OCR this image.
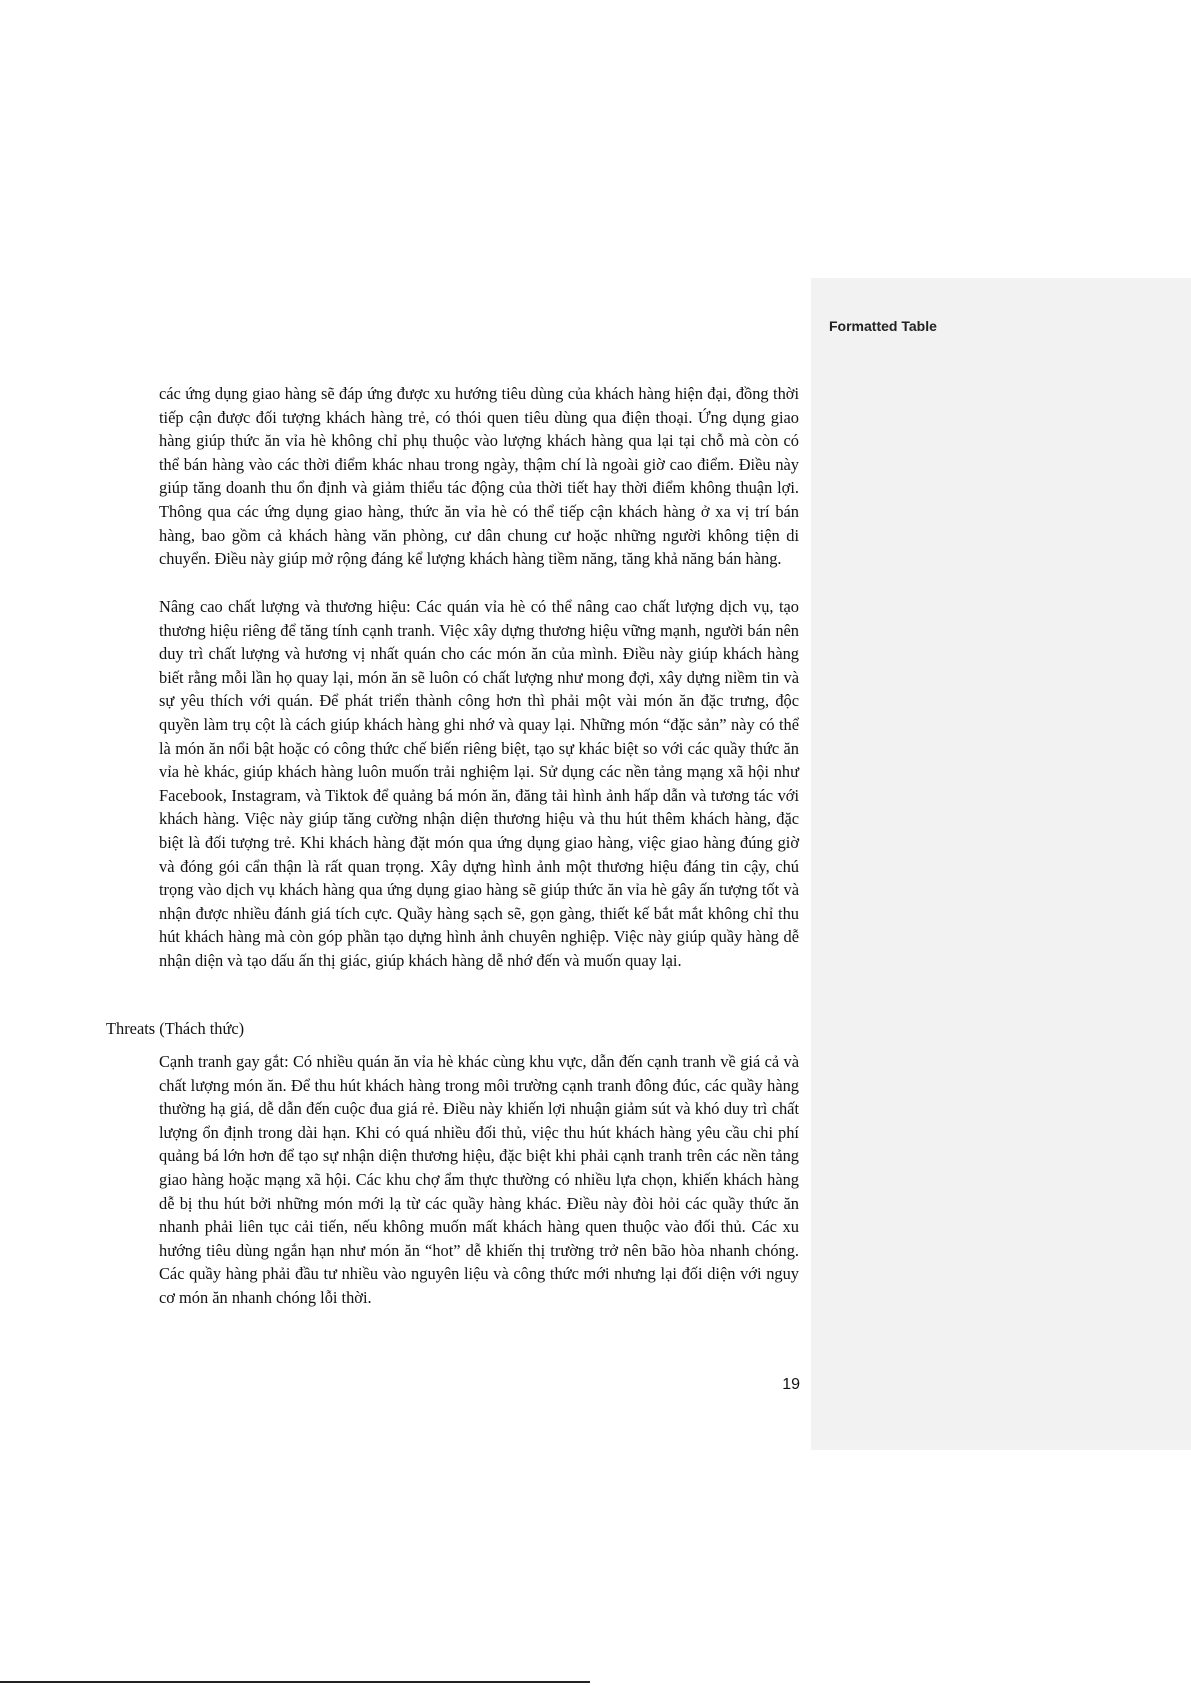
Formatted Table

các ứng dụng giao hàng sẽ đáp ứng được xu hướng tiêu dùng của khách hàng hiện đại, đồng thời tiếp cận được đối tượng khách hàng trẻ, có thói quen tiêu dùng qua điện thoại. Ứng dụng giao hàng giúp thức ăn vỉa hè không chỉ phụ thuộc vào lượng khách hàng qua lại tại chỗ mà còn có thể bán hàng vào các thời điểm khác nhau trong ngày, thậm chí là ngoài giờ cao điểm. Điều này giúp tăng doanh thu ổn định và giảm thiểu tác động của thời tiết hay thời điểm không thuận lợi. Thông qua các ứng dụng giao hàng, thức ăn vỉa hè có thể tiếp cận khách hàng ở xa vị trí bán hàng, bao gồm cả khách hàng văn phòng, cư dân chung cư hoặc những người không tiện di chuyển. Điều này giúp mở rộng đáng kể lượng khách hàng tiềm năng, tăng khả năng bán hàng.

Nâng cao chất lượng và thương hiệu: Các quán vỉa hè có thể nâng cao chất lượng dịch vụ, tạo thương hiệu riêng để tăng tính cạnh tranh. Việc xây dựng thương hiệu vững mạnh, người bán nên duy trì chất lượng và hương vị nhất quán cho các món ăn của mình. Điều này giúp khách hàng biết rằng mỗi lần họ quay lại, món ăn sẽ luôn có chất lượng như mong đợi, xây dựng niềm tin và sự yêu thích với quán. Để phát triển thành công hơn thì phải một vài món ăn đặc trưng, độc quyền làm trụ cột là cách giúp khách hàng ghi nhớ và quay lại. Những món “đặc sản” này có thể là món ăn nổi bật hoặc có công thức chế biến riêng biệt, tạo sự khác biệt so với các quầy thức ăn vỉa hè khác, giúp khách hàng luôn muốn trải nghiệm lại. Sử dụng các nền tảng mạng xã hội như Facebook, Instagram, và Tiktok để quảng bá món ăn, đăng tải hình ảnh hấp dẫn và tương tác với khách hàng. Việc này giúp tăng cường nhận diện thương hiệu và thu hút thêm khách hàng, đặc biệt là đối tượng trẻ. Khi khách hàng đặt món qua ứng dụng giao hàng, việc giao hàng đúng giờ và đóng gói cẩn thận là rất quan trọng. Xây dựng hình ảnh một thương hiệu đáng tin cậy, chú trọng vào dịch vụ khách hàng qua ứng dụng giao hàng sẽ giúp thức ăn vỉa hè gây ấn tượng tốt và nhận được nhiều đánh giá tích cực. Quầy hàng sạch sẽ, gọn gàng, thiết kế bắt mắt không chỉ thu hút khách hàng mà còn góp phần tạo dựng hình ảnh chuyên nghiệp. Việc này giúp quầy hàng dễ nhận diện và tạo dấu ấn thị giác, giúp khách hàng dễ nhớ đến và muốn quay lại.

Threats (Thách thức)

Cạnh tranh gay gắt: Có nhiều quán ăn vỉa hè khác cùng khu vực, dẫn đến cạnh tranh về giá cả và chất lượng món ăn. Để thu hút khách hàng trong môi trường cạnh tranh đông đúc, các quầy hàng thường hạ giá, dễ dẫn đến cuộc đua giá rẻ. Điều này khiến lợi nhuận giảm sút và khó duy trì chất lượng ổn định trong dài hạn. Khi có quá nhiều đối thủ, việc thu hút khách hàng yêu cầu chi phí quảng bá lớn hơn để tạo sự nhận diện thương hiệu, đặc biệt khi phải cạnh tranh trên các nền tảng giao hàng hoặc mạng xã hội. Các khu chợ ẩm thực thường có nhiều lựa chọn, khiến khách hàng dễ bị thu hút bởi những món mới lạ từ các quầy hàng khác. Điều này đòi hỏi các quầy thức ăn nhanh phải liên tục cải tiến, nếu không muốn mất khách hàng quen thuộc vào đối thủ. Các xu hướng tiêu dùng ngắn hạn như món ăn “hot” dễ khiến thị trường trở nên bão hòa nhanh chóng. Các quầy hàng phải đầu tư nhiều vào nguyên liệu và công thức mới nhưng lại đối diện với nguy cơ món ăn nhanh chóng lỗi thời.

19
